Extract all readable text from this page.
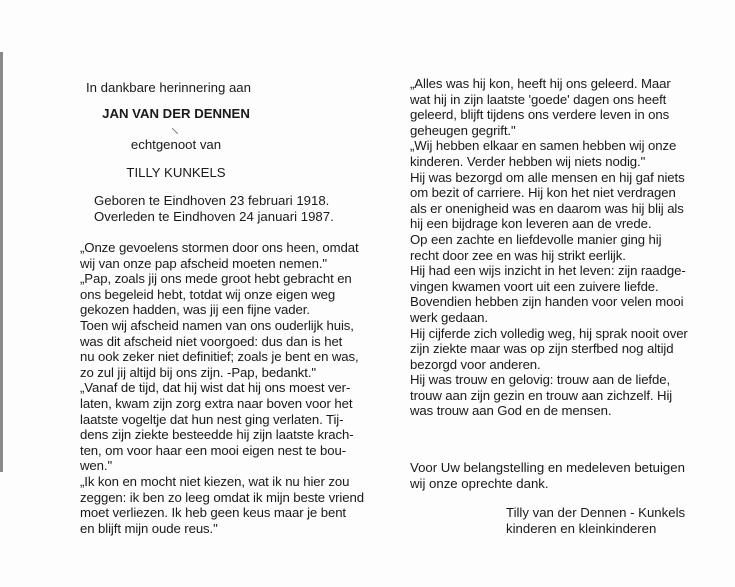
In dankbare herinnering aan
JAN VAN DER DENNEN
echtgenoot van
TILLY KUNKELS
Geboren te Eindhoven 23 februari 1918.
Overleden te Eindhoven 24 januari 1987.

„Onze gevoelens stormen door ons heen, omdat

wij van onze pap afscheid moeten nemen."

„Pap, zoals jij ons mede groot hebt gebracht en

ons begeleid hebt, totdat wij onze eigen weg

gekozen hadden, was jij een fijne vader.

Toen wij afscheid namen van ons ouderlijk huis,

was dit afscheid niet voorgoed: dus dan is het

nu ook zeker niet definitief; zoals je bent en was,

zo zul jij altijd bij ons zijn. -Pap, bedankt."

„Vanaf de tijd, dat hij wist dat hij ons moest ver-

laten, kwam zijn zorg extra naar boven voor het

laatste vogeltje dat hun nest ging verlaten. Tij-

dens zijn ziekte besteedde hij zijn laatste krach-

ten, om voor haar een mooi eigen nest te bou-

wen."

„Ik kon en mocht niet kiezen, wat ik nu hier zou

zeggen: ik ben zo leeg omdat ik mijn beste vriend

moet verliezen. Ik heb geen keus maar je bent

en blijft mijn oude reus."

„Alles was hij kon, heeft hij ons geleerd. Maar

wat hij in zijn laatste 'goede' dagen ons heeft

geleerd, blijft tijdens ons verdere leven in ons

geheugen gegrift."

„Wij hebben elkaar en samen hebben wij onze

kinderen. Verder hebben wij niets nodig."

Hij was bezorgd om alle mensen en hij gaf niets

om bezit of carriere. Hij kon het niet verdragen

als er onenigheid was en daarom was hij blij als

hij een bijdrage kon leveren aan de vrede.

Op een zachte en liefdevolle manier ging hij

recht door zee en was hij strikt eerlijk.

Hij had een wijs inzicht in het leven: zijn raadge-

vingen kwamen voort uit een zuivere liefde.

Bovendien hebben zijn handen voor velen mooi

werk gedaan.

Hij cijferde zich volledig weg, hij sprak nooit over

zijn ziekte maar was op zijn sterfbed nog altijd

bezorgd voor anderen.

Hij was trouw en gelovig: trouw aan de liefde,

trouw aan zijn gezin en trouw aan zichzelf. Hij

was trouw aan God en de mensen.

Voor Uw belangstelling en medeleven betuigen
wij onze oprechte dank.
Tilly van der Dennen - Kunkels
kinderen en kleinkinderen
